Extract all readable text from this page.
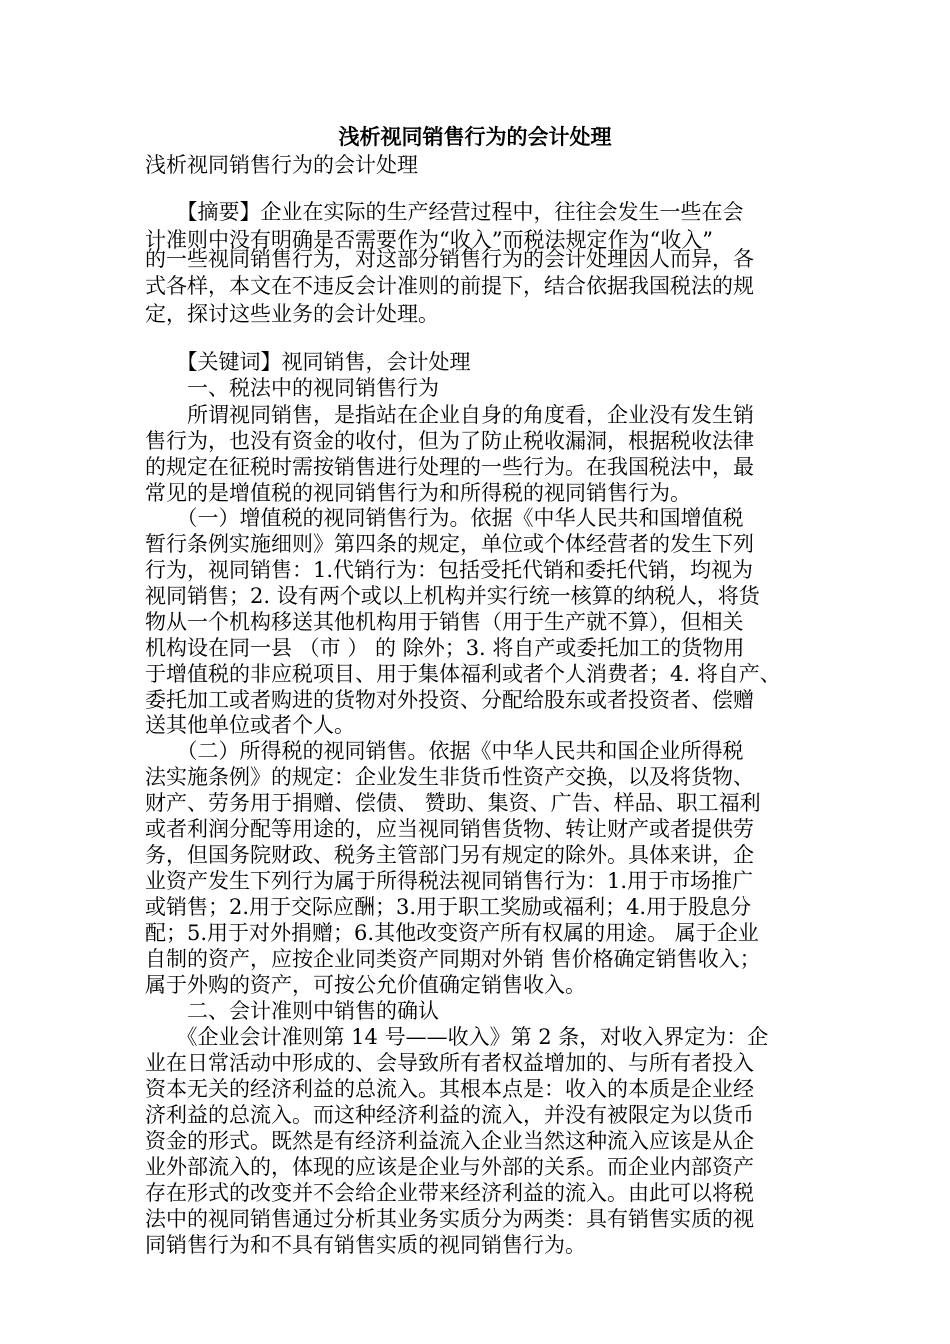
浅析视同销售行为的会计处理
浅析视同销售行为的会计处理
　　【摘要】企业在实际的生产经营过程中，往往会发生一些在会
计准则中没有明确是否需要作为“收入”而税法规定作为“收入”
的一些视同销售行为，对这部分销售行为的会计处理因人而异，各
式各样，本文在不违反会计准则的前提下，结合依据我国税法的规
定，探讨这些业务的会计处理。
　　【关键词】视同销售，会计处理
　　一、税法中的视同销售行为
　　所谓视同销售，是指站在企业自身的角度看，企业没有发生销
售行为，也没有资金的收付，但为了防止税收漏洞，根据税收法律
的规定在征税时需按销售进行处理的一些行为。在我国税法中，最
常见的是增值税的视同销售行为和所得税的视同销售行为。
　　（一）增值税的视同销售行为。依据《中华人民共和国增值税
暂行条例实施细则》第四条的规定，单位或个体经营者的发生下列
行为，视同销售：1.代销行为：包括受托代销和委托代销，均视为
视同销售；2. 设有两个或以上机构并实行统一核算的纳税人，将货
物从一个机构移送其他机构用于销售（用于生产就不算），但相关
机构设在同一县 （市 ） 的 除外；3. 将自产或委托加工的货物用
于增值税的非应税项目、用于集体福利或者个人消费者；4. 将自产、
委托加工或者购进的货物对外投资、分配给股东或者投资者、偿赠
送其他单位或者个人。
　　（二）所得税的视同销售。依据《中华人民共和国企业所得税
法实施条例》的规定：企业发生非货币性资产交换，以及将货物、
财产、劳务用于捐赠、偿债、 赞助、集资、广告、样品、职工福利
或者利润分配等用途的，应当视同销售货物、转让财产或者提供劳
务，但国务院财政、税务主管部门另有规定的除外。具体来讲，企
业资产发生下列行为属于所得税法视同销售行为：1.用于市场推广
或销售；2.用于交际应酬；3.用于职工奖励或福利；4.用于股息分
配；5.用于对外捐赠；6.其他改变资产所有权属的用途。 属于企业
自制的资产，应按企业同类资产同期对外销 售价格确定销售收入；
属于外购的资产，可按公允价值确定销售收入。
　　二、会计准则中销售的确认
　　《企业会计准则第 14 号——收入》第 2 条，对收入界定为：企
业在日常活动中形成的、会导致所有者权益增加的、与所有者投入
资本无关的经济利益的总流入。其根本点是：收入的本质是企业经
济利益的总流入。而这种经济利益的流入，并没有被限定为以货币
资金的形式。既然是有经济利益流入企业当然这种流入应该是从企
业外部流入的，体现的应该是企业与外部的关系。而企业内部资产
存在形式的改变并不会给企业带来经济利益的流入。由此可以将税
法中的视同销售通过分析其业务实质分为两类：具有销售实质的视
同销售行为和不具有销售实质的视同销售行为。
